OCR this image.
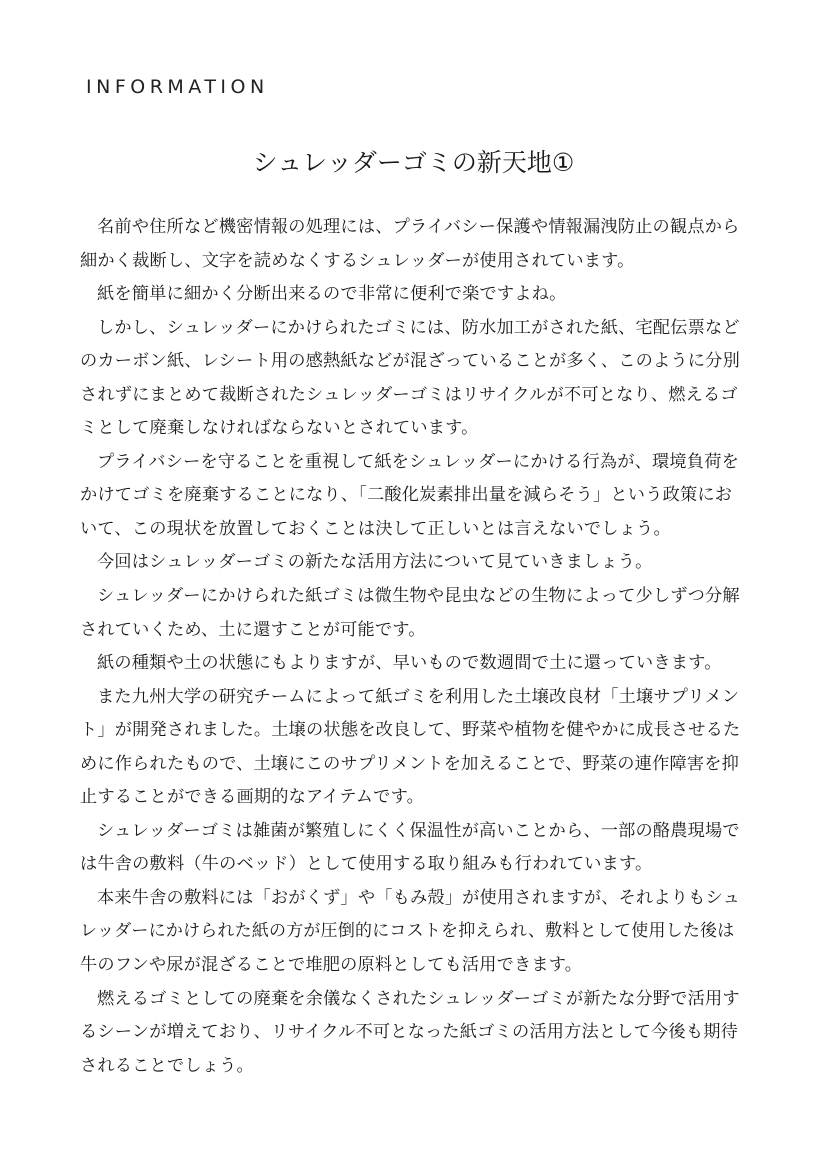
INFORMATION
シュレッダーゴミの新天地①
名前や住所など機密情報の処理には、プライバシー保護や情報漏洩防止の観点から
細かく裁断し、文字を読めなくするシュレッダーが使用されています。
紙を簡単に細かく分断出来るので非常に便利で楽ですよね。
しかし、シュレッダーにかけられたゴミには、防水加工がされた紙、宅配伝票など
のカーボン紙、レシート用の感熱紙などが混ざっていることが多く、このように分別
されずにまとめて裁断されたシュレッダーゴミはリサイクルが不可となり、燃えるゴ
ミとして廃棄しなければならないとされています。
プライバシーを守ることを重視して紙をシュレッダーにかける行為が、環境負荷を
かけてゴミを廃棄することになり、「二酸化炭素排出量を減らそう」という政策にお
いて、この現状を放置しておくことは決して正しいとは言えないでしょう。
今回はシュレッダーゴミの新たな活用方法について見ていきましょう。
シュレッダーにかけられた紙ゴミは微生物や昆虫などの生物によって少しずつ分解
されていくため、土に還すことが可能です。
紙の種類や土の状態にもよりますが、早いもので数週間で土に還っていきます。
また九州大学の研究チームによって紙ゴミを利用した土壌改良材「土壌サプリメン
ト」が開発されました。土壌の状態を改良して、野菜や植物を健やかに成長させるた
めに作られたもので、土壌にこのサプリメントを加えることで、野菜の連作障害を抑
止することができる画期的なアイテムです。
シュレッダーゴミは雑菌が繁殖しにくく保温性が高いことから、一部の酪農現場で
は牛舎の敷料（牛のベッド）として使用する取り組みも行われています。
本来牛舎の敷料には「おがくず」や「もみ殻」が使用されますが、それよりもシュ
レッダーにかけられた紙の方が圧倒的にコストを抑えられ、敷料として使用した後は
牛のフンや尿が混ざることで堆肥の原料としても活用できます。
燃えるゴミとしての廃棄を余儀なくされたシュレッダーゴミが新たな分野で活用す
るシーンが増えており、リサイクル不可となった紙ゴミの活用方法として今後も期待
されることでしょう。
